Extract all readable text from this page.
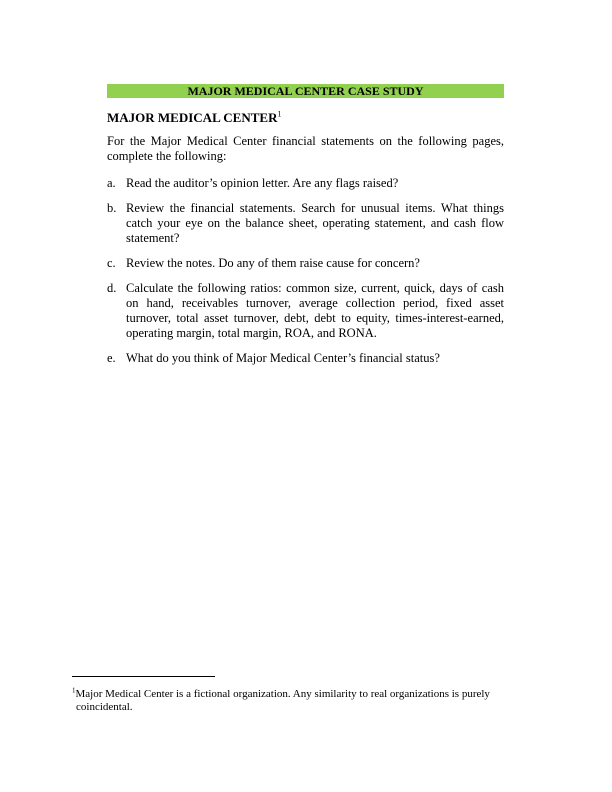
MAJOR MEDICAL CENTER CASE STUDY
MAJOR MEDICAL CENTER$^1$
For the Major Medical Center financial statements on the following pages, complete the following:
a. Read the auditor’s opinion letter. Are any flags raised?
b. Review the financial statements. Search for unusual items. What things catch your eye on the balance sheet, operating statement, and cash flow statement?
c. Review the notes. Do any of them raise cause for concern?
d. Calculate the following ratios: common size, current, quick, days of cash on hand, receivables turnover, average collection period, fixed asset turnover, total asset turnover, debt, debt to equity, times-interest-earned, operating margin, total margin, ROA, and RONA.
e. What do you think of Major Medical Center’s financial status?
$^1$Major Medical Center is a fictional organization. Any similarity to real organizations is purely
coincidental.
